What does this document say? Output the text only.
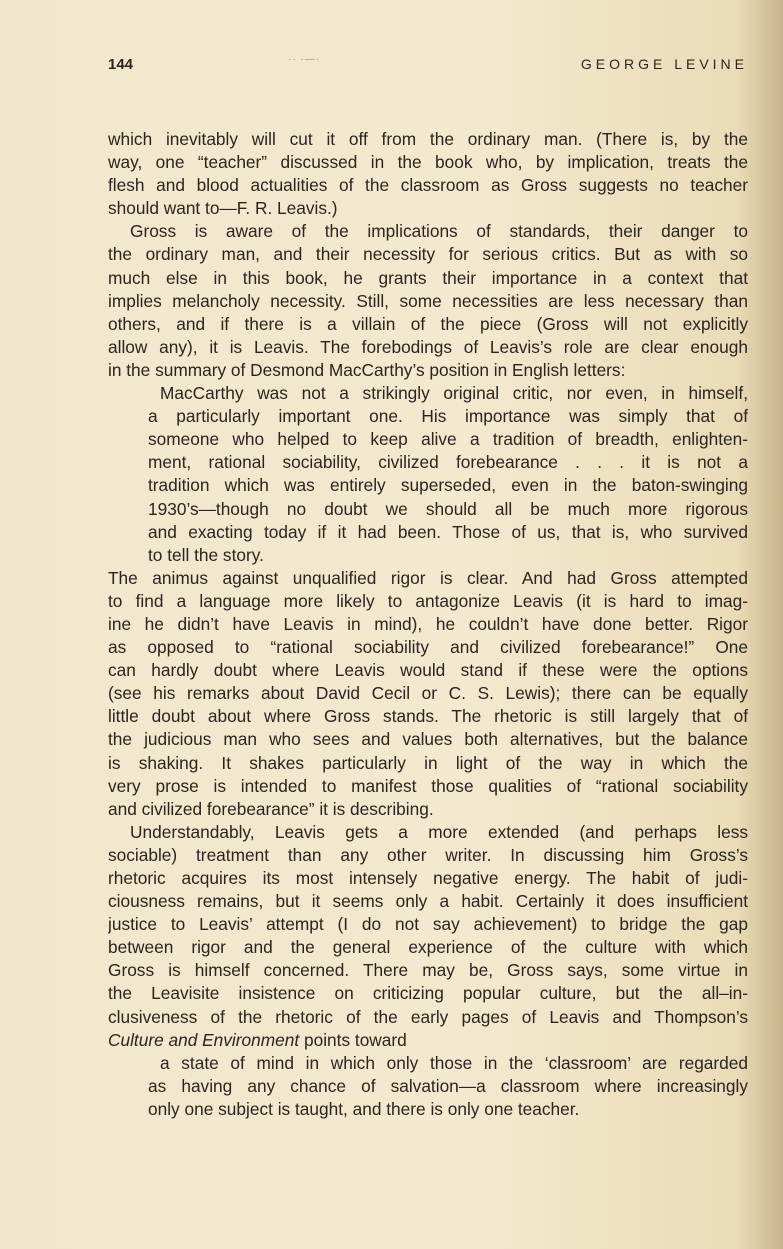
144	·· ·—·	GEORGE LEVINE
which inevitably will cut it off from the ordinary man. (There is, by the
way, one “teacher” discussed in the book who, by implication, treats the
flesh and blood actualities of the classroom as Gross suggests no teacher
should want to—F. R. Leavis.)
Gross is aware of the implications of standards, their danger to
the ordinary man, and their necessity for serious critics. But as with so
much else in this book, he grants their importance in a context that
implies melancholy necessity. Still, some necessities are less necessary than
others, and if there is a villain of the piece (Gross will not explicitly
allow any), it is Leavis. The forebodings of Leavis’s role are clear enough
in the summary of Desmond MacCarthy’s position in English letters:
MacCarthy was not a strikingly original critic, nor even, in himself,
a particularly important one. His importance was simply that of
someone who helped to keep alive a tradition of breadth, enlighten-
ment, rational sociability, civilized forebearance . . . it is not a
tradition which was entirely superseded, even in the baton-swinging
1930’s—though no doubt we should all be much more rigorous
and exacting today if it had been. Those of us, that is, who survived
to tell the story.
The animus against unqualified rigor is clear. And had Gross attempted
to find a language more likely to antagonize Leavis (it is hard to imag-
ine he didn’t have Leavis in mind), he couldn’t have done better. Rigor
as opposed to “rational sociability and civilized forebearance!” One
can hardly doubt where Leavis would stand if these were the options
(see his remarks about David Cecil or C. S. Lewis); there can be equally
little doubt about where Gross stands. The rhetoric is still largely that of
the judicious man who sees and values both alternatives, but the balance
is shaking. It shakes particularly in light of the way in which the
very prose is intended to manifest those qualities of “rational sociability
and civilized forebearance” it is describing.
Understandably, Leavis gets a more extended (and perhaps less
sociable) treatment than any other writer. In discussing him Gross’s
rhetoric acquires its most intensely negative energy. The habit of judi-
ciousness remains, but it seems only a habit. Certainly it does insufficient
justice to Leavis’ attempt (I do not say achievement) to bridge the gap
between rigor and the general experience of the culture with which
Gross is himself concerned. There may be, Gross says, some virtue in
the Leavisite insistence on criticizing popular culture, but the all–in-
clusiveness of the rhetoric of the early pages of Leavis and Thompson’s
Culture and Environment points toward
a state of mind in which only those in the ‘classroom’ are regarded
as having any chance of salvation—a classroom where increasingly
only one subject is taught, and there is only one teacher.
